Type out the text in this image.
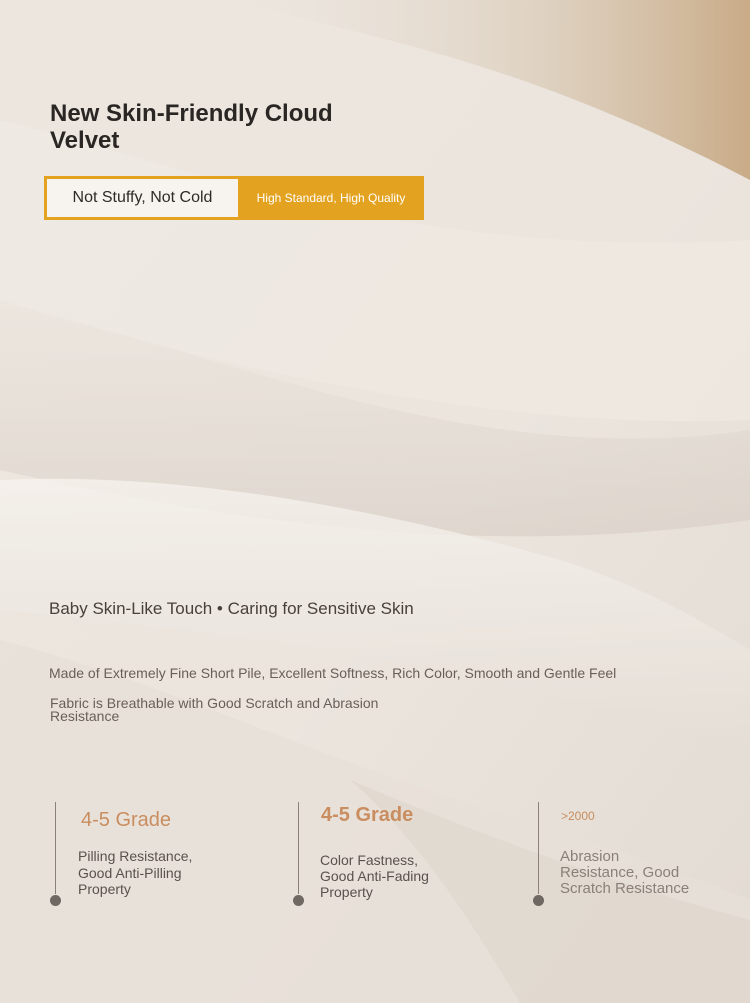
New Skin-Friendly Cloud Velvet
Not Stuffy, Not Cold	High Standard, High Quality
Baby Skin-Like Touch • Caring for Sensitive Skin
Made of Extremely Fine Short Pile, Excellent Softness, Rich Color, Smooth and Gentle Feel
Fabric is Breathable with Good Scratch and Abrasion Resistance
4-5 Grade
Pilling Resistance, Good Anti-Pilling Property
4-5 Grade
Color Fastness, Good Anti-Fading Property
>2000
Abrasion Resistance, Good Scratch Resistance
